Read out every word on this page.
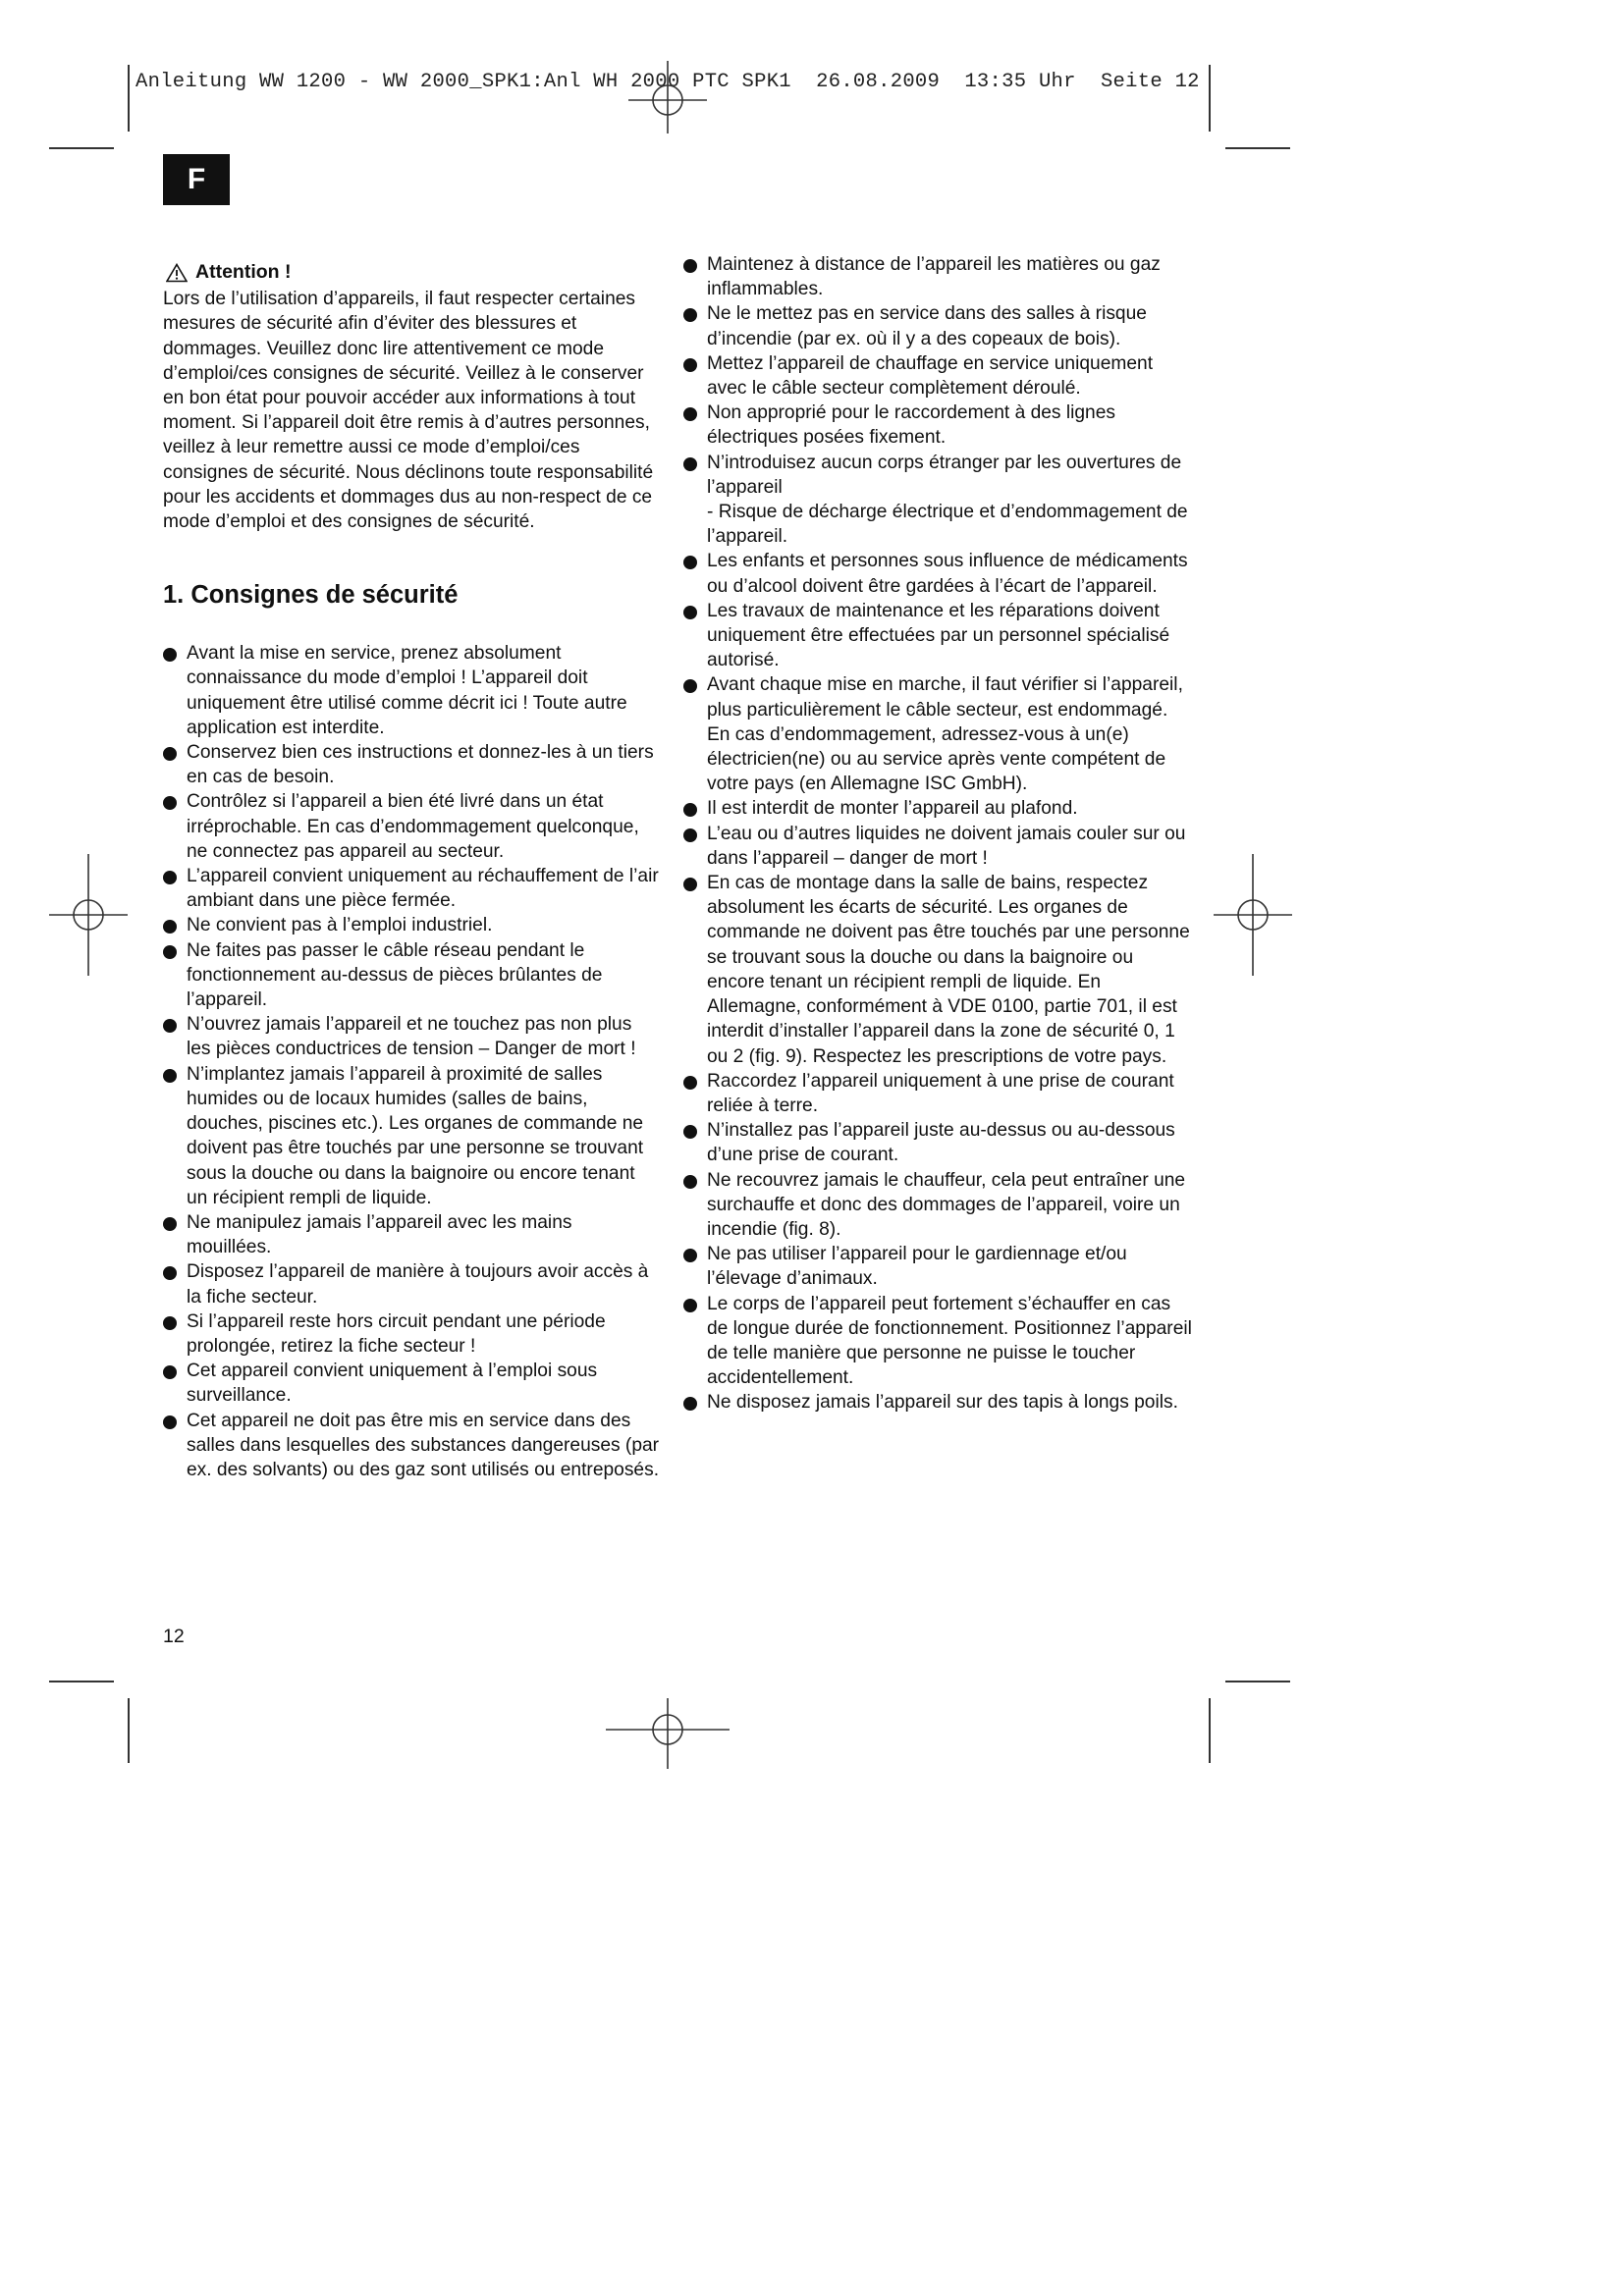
Anleitung WW 1200 - WW 2000_SPK1:Anl WH 2000 PTC SPK1  26.08.2009  13:35 Uhr  Seite 12
F
Attention !

Lors de l’utilisation d’appareils, il faut respecter certaines mesures de sécurité afin d’éviter des blessures et dommages. Veuillez donc lire attentivement ce mode d’emploi/ces consignes de sécurité. Veillez à le conserver en bon état pour pouvoir accéder aux informations à tout moment. Si l’appareil doit être remis à d’autres personnes, veillez à leur remettre aussi ce mode d’emploi/ces consignes de sécurité. Nous déclinons toute responsabilité pour les accidents et dommages dus au non-respect de ce mode d’emploi et des consignes de sécurité.

1. Consignes de sécurité
Avant la mise en service, prenez absolument connaissance du mode d’emploi ! L’appareil doit uniquement être utilisé comme décrit ici ! Toute autre application est interdite.
Conservez bien ces instructions et donnez-les à un tiers en cas de besoin.
Contrôlez si l’appareil a bien été livré dans un état irréprochable. En cas d’endommagement quelconque, ne connectez pas appareil au secteur.
L’appareil convient uniquement au réchauffement de l’air ambiant dans une pièce fermée.
Ne convient pas à l’emploi industriel.
Ne faites pas passer le câble réseau pendant le fonctionnement au-dessus de pièces brûlantes de l’appareil.
N’ouvrez jamais l’appareil et ne touchez pas non plus les pièces conductrices de tension – Danger de mort !
N’implantez jamais l’appareil à proximité de salles humides ou de locaux humides (salles de bains, douches, piscines etc.). Les organes de commande ne doivent pas être touchés par une personne se trouvant sous la douche ou dans la baignoire ou encore tenant un récipient rempli de liquide.
Ne manipulez jamais l’appareil avec les mains mouillées.
Disposez l’appareil de manière à toujours avoir accès à la fiche secteur.
Si l’appareil reste hors circuit pendant une période prolongée, retirez la fiche secteur !
Cet appareil convient uniquement à l’emploi sous surveillance.
Cet appareil ne doit pas être mis en service dans des salles dans lesquelles des substances dangereuses (par ex. des solvants) ou des gaz sont utilisés ou entreposés.
Maintenez à distance de l’appareil les matières ou gaz inflammables.
Ne le mettez pas en service dans des salles à risque d’incendie (par ex. où il y a des copeaux de bois).
Mettez l’appareil de chauffage en service uniquement avec le câble secteur complètement déroulé.
Non approprié pour le raccordement à des lignes électriques posées fixement.
N’introduisez aucun corps étranger par les ouvertures de l’appareil
- Risque de décharge électrique et d’endommagement de l’appareil.
Les enfants et personnes sous influence de médicaments ou d’alcool doivent être gardées à l’écart de l’appareil.
Les travaux de maintenance et les réparations doivent uniquement être effectuées par un personnel spécialisé autorisé.
Avant chaque mise en marche, il faut vérifier si l’appareil, plus particulièrement le câble secteur, est endommagé. En cas d’endommagement, adressez-vous à un(e) électricien(ne) ou au service après vente compétent de votre pays (en Allemagne ISC GmbH).
Il est interdit de monter l’appareil au plafond.
L’eau ou d’autres liquides ne doivent jamais couler sur ou dans l’appareil – danger de mort !
En cas de montage dans la salle de bains, respectez absolument les écarts de sécurité. Les organes de commande ne doivent pas être touchés par une personne se trouvant sous la douche ou dans la baignoire ou encore tenant un récipient rempli de liquide. En Allemagne, conformément à VDE 0100, partie 701, il est interdit d’installer l’appareil dans la zone de sécurité 0, 1 ou 2 (fig. 9). Respectez les prescriptions de votre pays.
Raccordez l’appareil uniquement à une prise de courant reliée à terre.
N’installez pas l’appareil juste au-dessus ou au-dessous d’une prise de courant.
Ne recouvrez jamais le chauffeur, cela peut entraîner une surchauffe et donc des dommages de l’appareil, voire un incendie (fig. 8).
Ne pas utiliser l’appareil pour le gardiennage et/ou l’élevage d’animaux.
Le corps de l’appareil peut fortement s’échauffer en cas de longue durée de fonctionnement. Positionnez l’appareil de telle manière que personne ne puisse le toucher accidentellement.
Ne disposez jamais l’appareil sur des tapis à longs poils.
12
